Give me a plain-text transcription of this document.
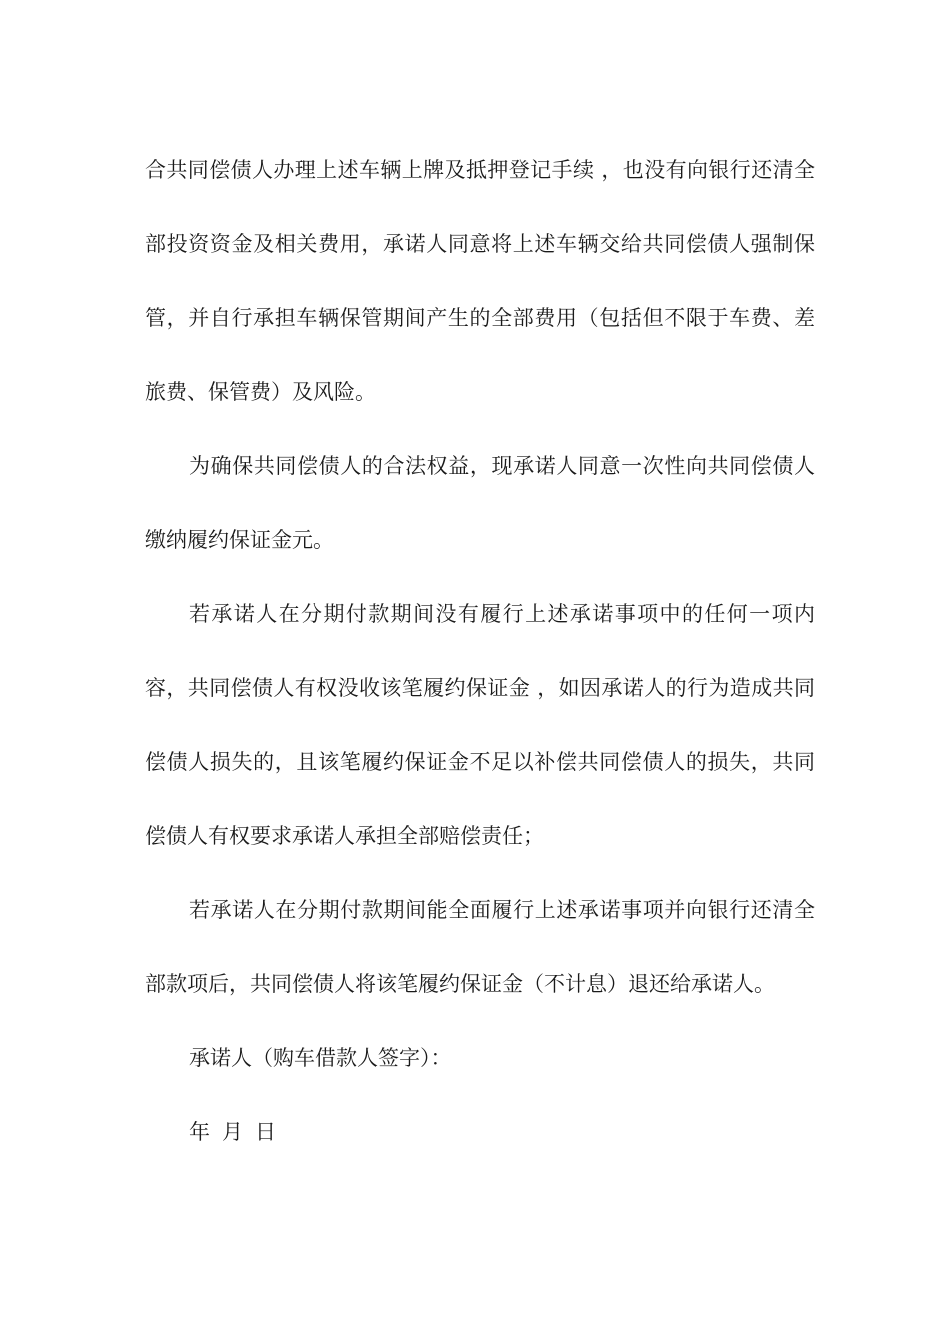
合共同偿债人办理上述车辆上牌及抵押登记手续 ，也没有向银行还清全部投资资金及相关费用，承诺人同意将上述车辆交给共同偿债人强制保管，并自行承担车辆保管期间产生的全部费用（包括但不限于车费、差旅费、保管费）及风险。

为确保共同偿债人的合法权益，现承诺人同意一次性向共同偿债人缴纳履约保证金元。

若承诺人在分期付款期间没有履行上述承诺事项中的任何一项内容，共同偿债人有权没收该笔履约保证金 ，如因承诺人的行为造成共同偿债人损失的，且该笔履约保证金不足以补偿共同偿债人的损失，共同偿债人有权要求承诺人承担全部赔偿责任；

若承诺人在分期付款期间能全面履行上述承诺事项并向银行还清全部款项后，共同偿债人将该笔履约保证金（不计息）退还给承诺人。

承诺人（购车借款人签字）：

年 月 日
